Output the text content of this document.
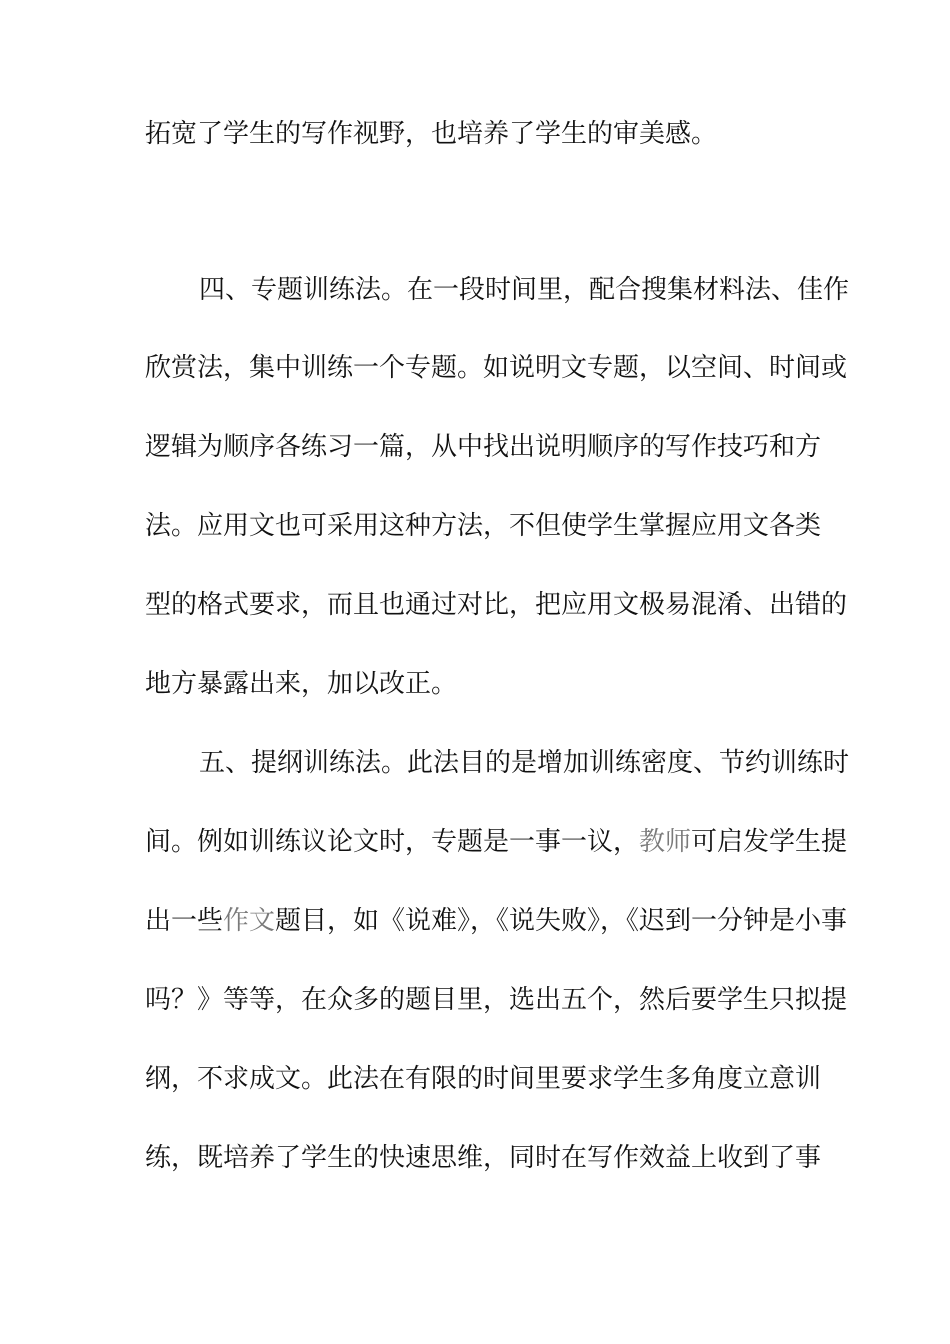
拓宽了学生的写作视野，也培养了学生的审美感。
四、专题训练法。在一段时间里，配合搜集材料法、佳作
欣赏法，集中训练一个专题。如说明文专题，以空间、时间或
逻辑为顺序各练习一篇，从中找出说明顺序的写作技巧和方
法。应用文也可采用这种方法，不但使学生掌握应用文各类
型的格式要求，而且也通过对比，把应用文极易混淆、出错的
地方暴露出来，加以改正。
五、提纲训练法。此法目的是增加训练密度、节约训练时
间。例如训练议论文时，专题是一事一议，教师可启发学生提
出一些作文题目，如《说难》，《说失败》，《迟到一分钟是小事
吗？》等等，在众多的题目里，选出五个，然后要学生只拟提
纲，不求成文。此法在有限的时间里要求学生多角度立意训
练，既培养了学生的快速思维，同时在写作效益上收到了事
